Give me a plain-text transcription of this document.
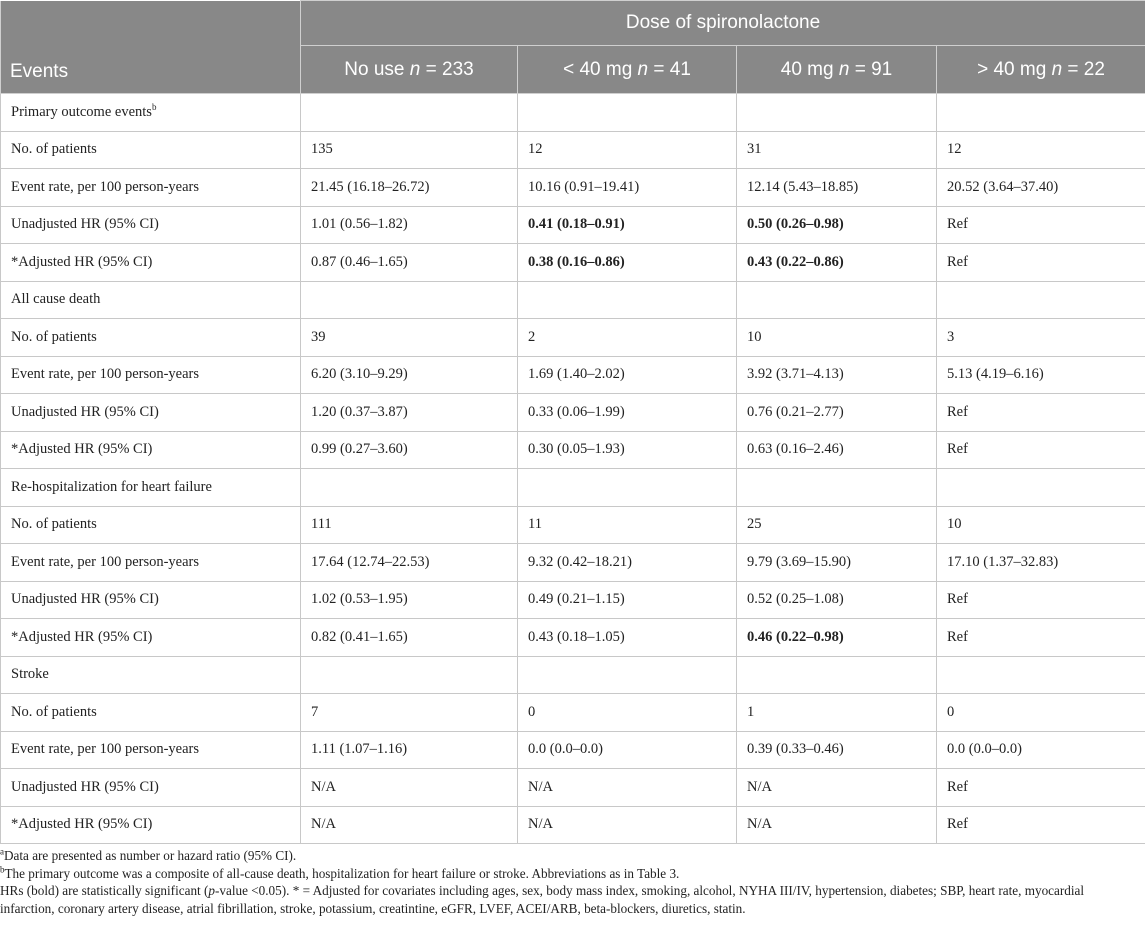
Events	Dose of spironolactone			
	No use n = 233	< 40 mg n = 41	40 mg n = 91	> 40 mg n = 22
Primary outcome events$^b$				
No. of patients	135	12	31	12
Event rate, per 100 person-years	21.45 (16.18–26.72)	10.16 (0.91–19.41)	12.14 (5.43–18.85)	20.52 (3.64–37.40)
Unadjusted HR (95% CI)	1.01 (0.56–1.82)	0.41 (0.18–0.91)	0.50 (0.26–0.98)	Ref
*Adjusted HR (95% CI)	0.87 (0.46–1.65)	0.38 (0.16–0.86)	0.43 (0.22–0.86)	Ref
All cause death				
No. of patients	39	2	10	3
Event rate, per 100 person-years	6.20 (3.10–9.29)	1.69 (1.40–2.02)	3.92 (3.71–4.13)	5.13 (4.19–6.16)
Unadjusted HR (95% CI)	1.20 (0.37–3.87)	0.33 (0.06–1.99)	0.76 (0.21–2.77)	Ref
*Adjusted HR (95% CI)	0.99 (0.27–3.60)	0.30 (0.05–1.93)	0.63 (0.16–2.46)	Ref
Re-hospitalization for heart failure				
No. of patients	111	11	25	10
Event rate, per 100 person-years	17.64 (12.74–22.53)	9.32 (0.42–18.21)	9.79 (3.69–15.90)	17.10 (1.37–32.83)
Unadjusted HR (95% CI)	1.02 (0.53–1.95)	0.49 (0.21–1.15)	0.52 (0.25–1.08)	Ref
*Adjusted HR (95% CI)	0.82 (0.41–1.65)	0.43 (0.18–1.05)	0.46 (0.22–0.98)	Ref
Stroke				
No. of patients	7	0	1	0
Event rate, per 100 person-years	1.11 (1.07–1.16)	0.0 (0.0–0.0)	0.39 (0.33–0.46)	0.0 (0.0–0.0)
Unadjusted HR (95% CI)	N/A	N/A	N/A	Ref
*Adjusted HR (95% CI)	N/A	N/A	N/A	Ref

$^a$Data are presented as number or hazard ratio (95% CI).

$^b$The primary outcome was a composite of all-cause death, hospitalization for heart failure or stroke. Abbreviations as in Table 3.

HRs (bold) are statistically significant (p-value <0.05). * = Adjusted for covariates including ages, sex, body mass index, smoking, alcohol, NYHA III/IV, hypertension, diabetes; SBP, heart rate, myocardial infarction, coronary artery disease, atrial fibrillation, stroke, potassium, creatintine, eGFR, LVEF, ACEI/ARB, beta-blockers, diuretics, statin.
